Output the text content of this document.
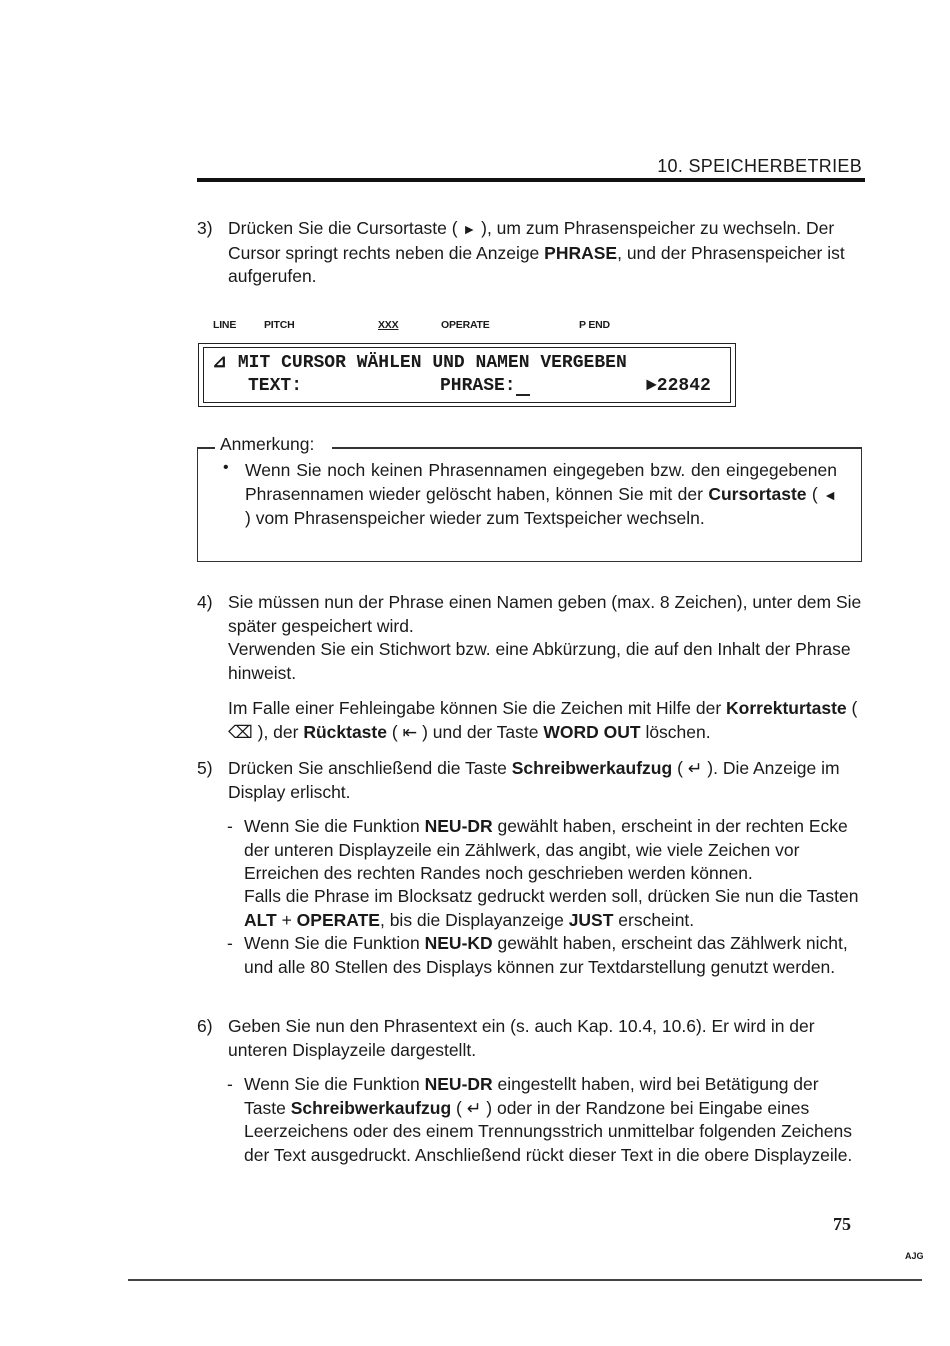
10. SPEICHERBETRIEB
3) Drücken Sie die Cursortaste ( ► ), um zum Phrasenspeicher zu wechseln. Der Cursor springt rechts neben die Anzeige PHRASE, und der Phrasenspeicher ist aufgerufen.
LINE	PITCH	XXX	OPERATE	P END
⊿ MIT CURSOR WÄHLEN UND NAMEN VERGEBEN
TEXT:	PHRASE:	►22842
Anmerkung:
• Wenn Sie noch keinen Phrasennamen eingegeben bzw. den eingegebenen Phrasennamen wieder gelöscht haben, können Sie mit der Cursortaste ( ◄ ) vom Phrasenspeicher wieder zum Textspeicher wechseln.
4) Sie müssen nun der Phrase einen Namen geben (max. 8 Zeichen), unter dem Sie später gespeichert wird.
Verwenden Sie ein Stichwort bzw. eine Abkürzung, die auf den Inhalt der Phrase hinweist.
Im Falle einer Fehleingabe können Sie die Zeichen mit Hilfe der Korrekturtaste ( ⌫ ), der Rücktaste ( ⇤ ) und der Taste WORD OUT löschen.
5) Drücken Sie anschließend die Taste Schreibwerkaufzug ( ↵ ). Die Anzeige im Display erlischt.
- Wenn Sie die Funktion NEU-DR gewählt haben, erscheint in der rechten Ecke der unteren Displayzeile ein Zählwerk, das angibt, wie viele Zeichen vor Erreichen des rechten Randes noch geschrieben werden können.
Falls die Phrase im Blocksatz gedruckt werden soll, drücken Sie nun die Tasten ALT + OPERATE, bis die Displayanzeige JUST erscheint.
- Wenn Sie die Funktion NEU-KD gewählt haben, erscheint das Zählwerk nicht, und alle 80 Stellen des Displays können zur Textdarstellung genutzt werden.
6) Geben Sie nun den Phrasentext ein (s. auch Kap. 10.4, 10.6). Er wird in der unteren Displayzeile dargestellt.
- Wenn Sie die Funktion NEU-DR eingestellt haben, wird bei Betätigung der Taste Schreibwerkaufzug ( ↵ ) oder in der Randzone bei Eingabe eines Leerzeichens oder des einem Trennungsstrich unmittelbar folgenden Zeichens der Text ausgedruckt. Anschließend rückt dieser Text in die obere Displayzeile.
75
AJG
